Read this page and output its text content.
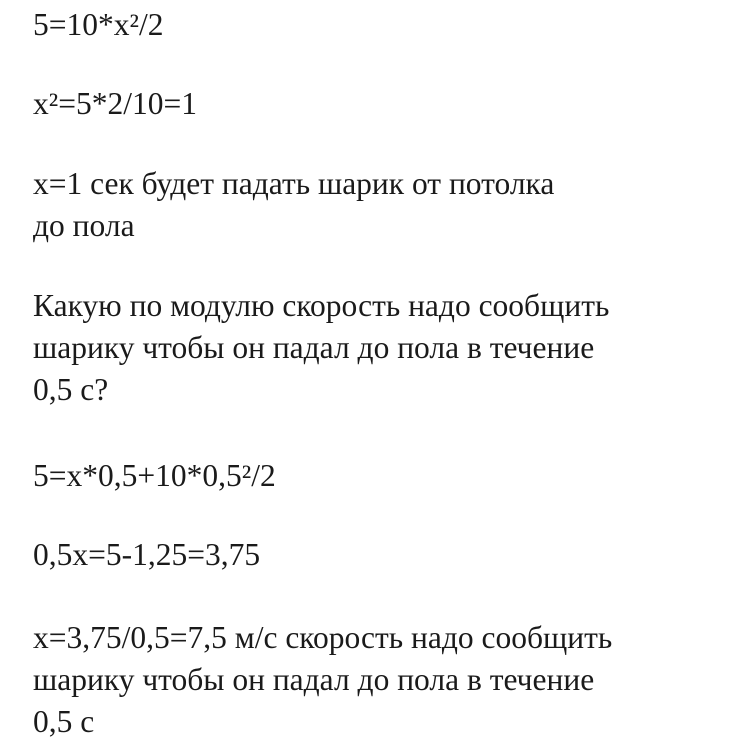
5=10*x²/2
x²=5*2/10=1
x=1 сек будет падать шарик от потолка
до пола
Какую по модулю скорость надо сообщить
шарику чтобы он падал до пола в течение
0,5 с?
5=x*0,5+10*0,5²/2
0,5x=5-1,25=3,75
x=3,75/0,5=7,5 м/с скорость надо сообщить
шарику чтобы он падал до пола в течение
0,5 с
